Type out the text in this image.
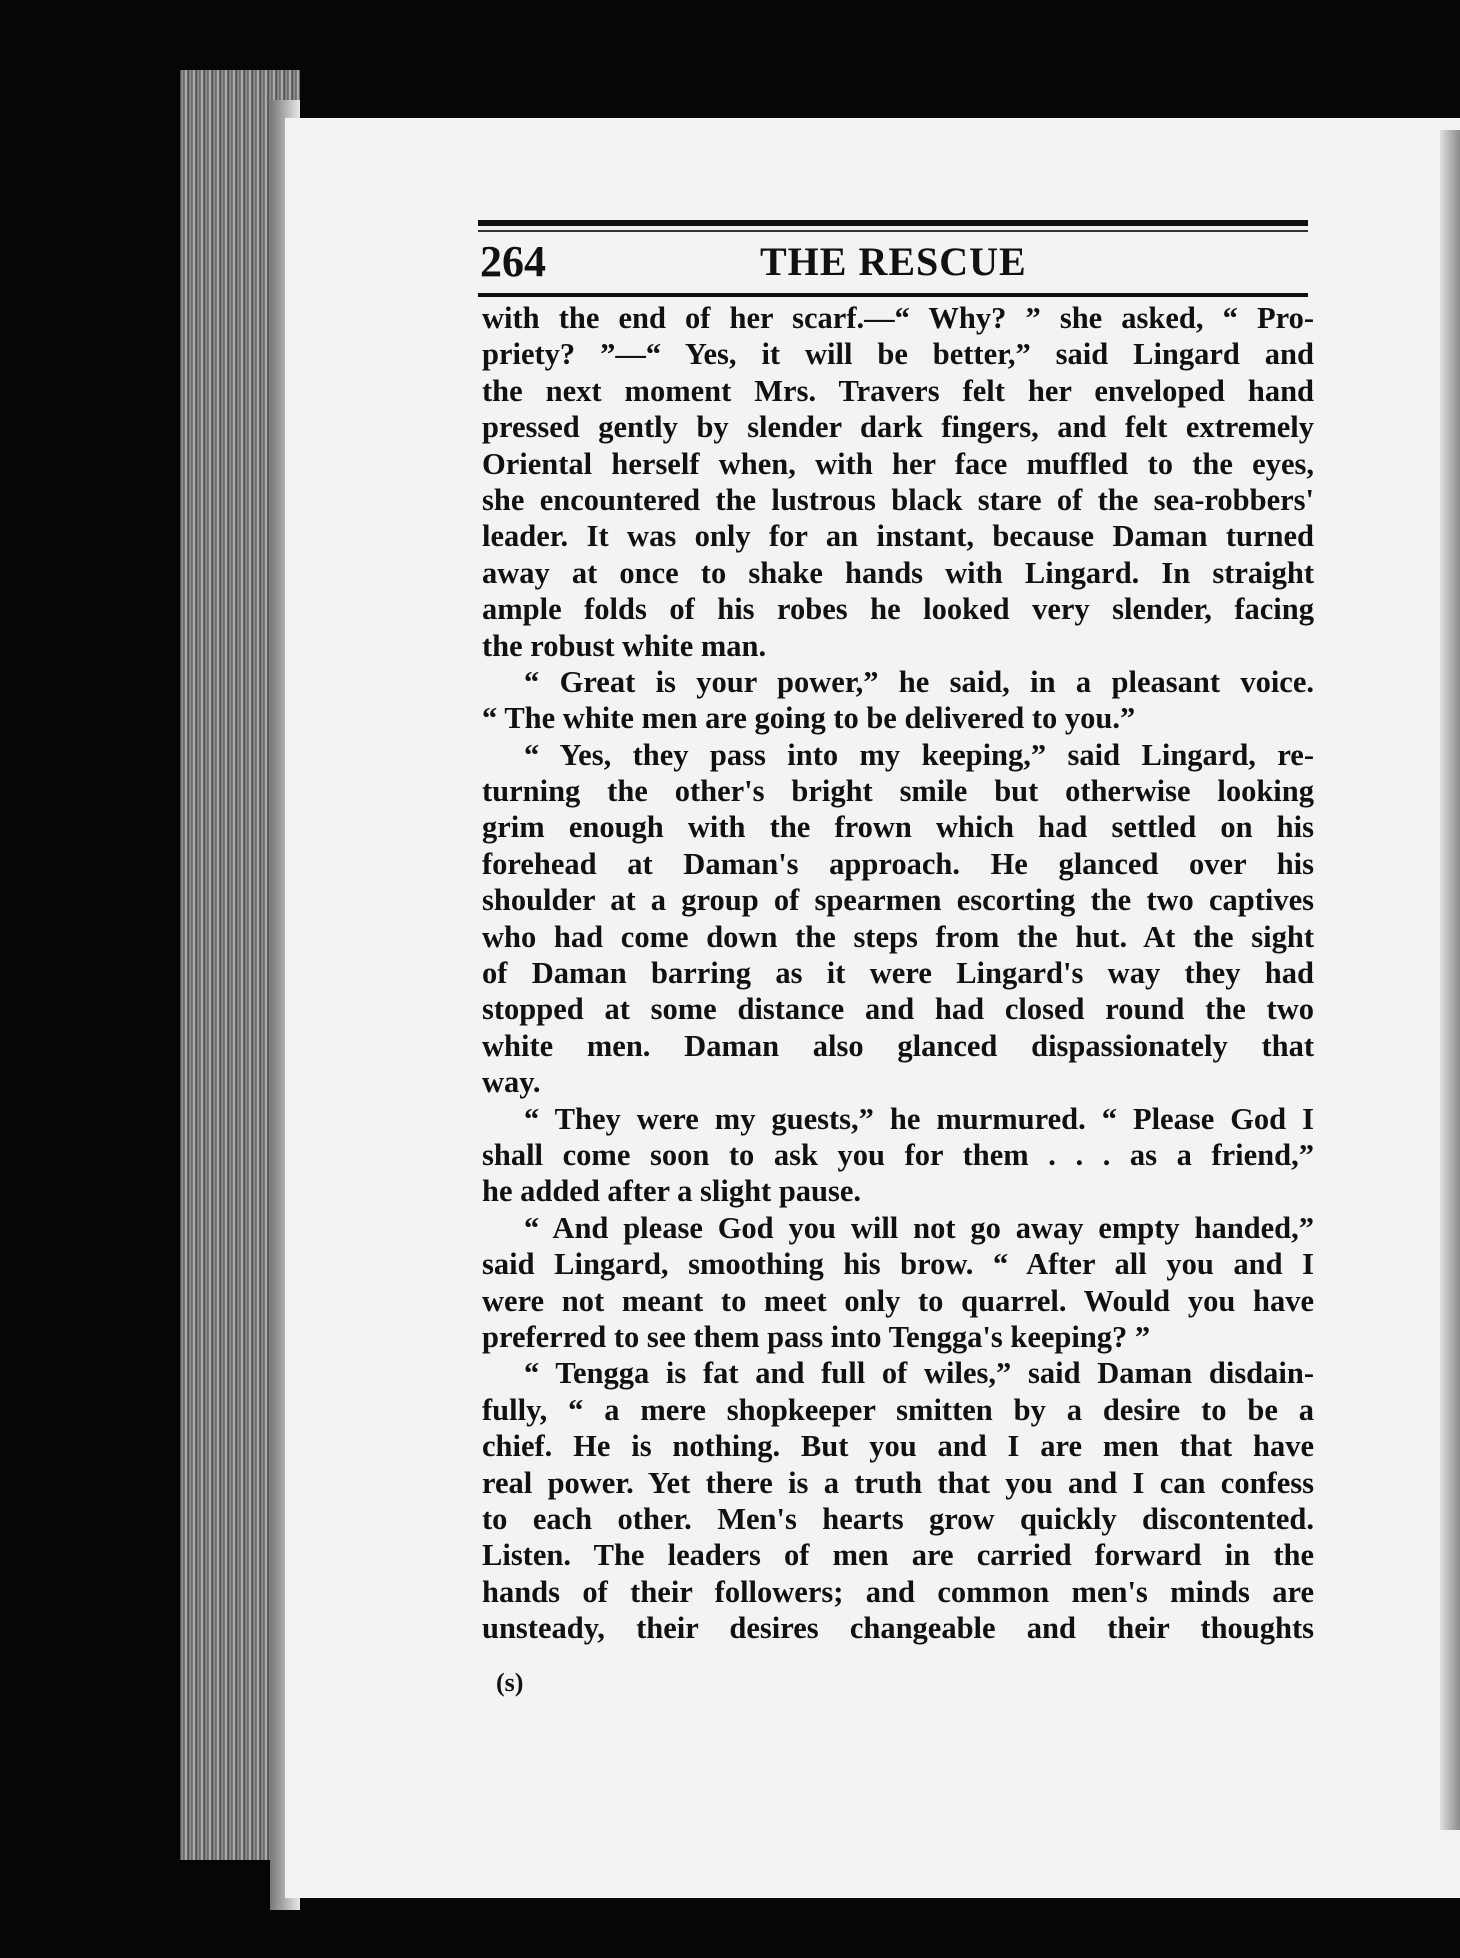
264	THE RESCUE
with the end of her scarf.—“ Why? ” she asked, “ Pro-
priety? ”—“ Yes, it will be better,” said Lingard and
the next moment Mrs. Travers felt her enveloped hand
pressed gently by slender dark fingers, and felt extremely
Oriental herself when, with her face muffled to the eyes,
she encountered the lustrous black stare of the sea-robbers'
leader. It was only for an instant, because Daman turned
away at once to shake hands with Lingard. In straight
ample folds of his robes he looked very slender, facing
the robust white man.
“ Great is your power,” he said, in a pleasant voice.
“ The white men are going to be delivered to you.”
“ Yes, they pass into my keeping,” said Lingard, re-
turning the other's bright smile but otherwise looking
grim enough with the frown which had settled on his
forehead at Daman's approach. He glanced over his
shoulder at a group of spearmen escorting the two captives
who had come down the steps from the hut. At the sight
of Daman barring as it were Lingard's way they had
stopped at some distance and had closed round the two
white men. Daman also glanced dispassionately that
way.
“ They were my guests,” he murmured. “ Please God I
shall come soon to ask you for them . . . as a friend,”
he added after a slight pause.
“ And please God you will not go away empty handed,”
said Lingard, smoothing his brow. “ After all you and I
were not meant to meet only to quarrel. Would you have
preferred to see them pass into Tengga's keeping? ”
“ Tengga is fat and full of wiles,” said Daman disdain-
fully, “ a mere shopkeeper smitten by a desire to be a
chief. He is nothing. But you and I are men that have
real power. Yet there is a truth that you and I can confess
to each other. Men's hearts grow quickly discontented.
Listen. The leaders of men are carried forward in the
hands of their followers; and common men's minds are
unsteady, their desires changeable and their thoughts
(s)
